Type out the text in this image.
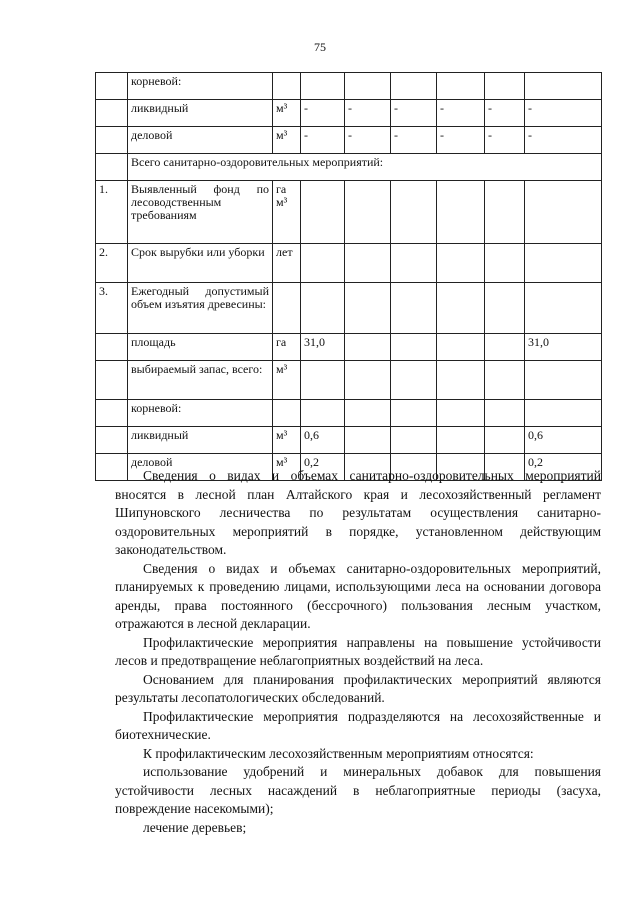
75
	корневой:							
	ликвидный	м³	-	-	-	-	-	-
	деловой	м³	-	-	-	-	-	-
	Всего санитарно-оздоровительных мероприятий:							
1.	Выявленный фонд по лесоводственным требованиям	га м³						
2.	Срок вырубки или уборки	лет						
3.	Ежегодный допустимый объем изъятия древесины:							
	площадь	га	31,0					31,0
	выбираемый запас, всего:	м³						
	корневой:							
	ликвидный	м³	0,6					0,6
	деловой	м³	0,2					0,2

Сведения о видах и объемах санитарно-оздоровительных мероприятий вносятся в лесной план Алтайского края и лесохозяйственный регламент Шипуновского лесничества по результатам осуществления санитарно-оздоровительных мероприятий в порядке, установленном действующим законодательством.

Сведения о видах и объемах санитарно-оздоровительных мероприятий, планируемых к проведению лицами, использующими леса на основании договора аренды, права постоянного (бессрочного) пользования лесным участком, отражаются в лесной декларации.

Профилактические мероприятия направлены на повышение устойчивости лесов и предотвращение неблагоприятных воздействий на леса.

Основанием для планирования профилактических мероприятий являются результаты лесопатологических обследований.

Профилактические мероприятия подразделяются на лесохозяйственные и биотехнические.

К профилактическим лесохозяйственным мероприятиям относятся:

использование удобрений и минеральных добавок для повышения устойчивости лесных насаждений в неблагоприятные периоды (засуха, повреждение насекомыми);

лечение деревьев;
